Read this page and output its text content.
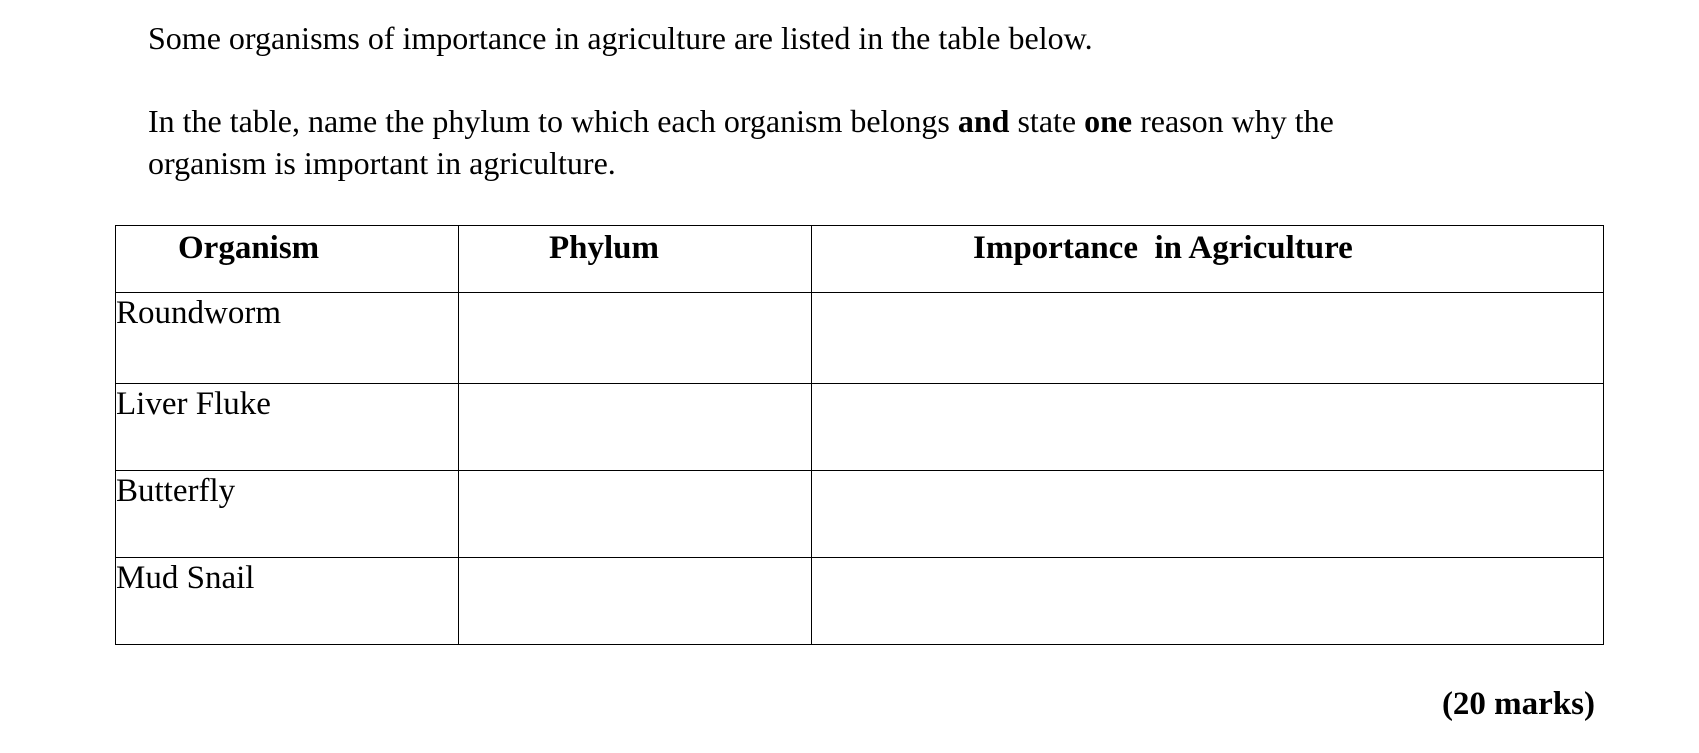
Some organisms of importance in agriculture are listed in the table below.
In the table, name the phylum to which each organism belongs and state one reason why the
organism is important in agriculture.
Organism	Phylum	Importance  in Agriculture
Roundworm		
Liver Fluke		
Butterfly		
Mud Snail		
(20 marks)
